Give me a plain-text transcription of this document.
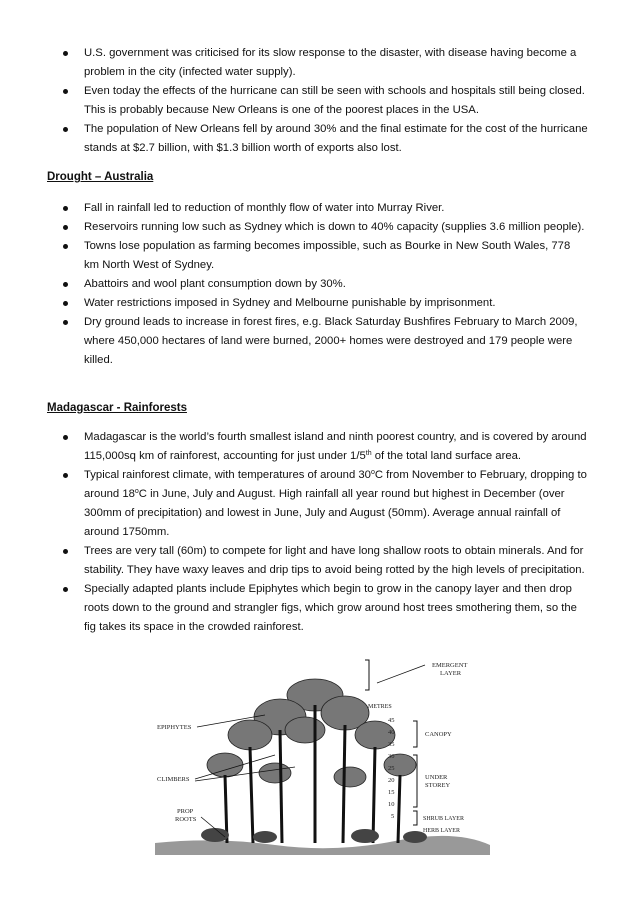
U.S. government was criticised for its slow response to the disaster, with disease having become a problem in the city (infected water supply).
Even today the effects of the hurricane can still be seen with schools and hospitals still being closed. This is probably because New Orleans is one of the poorest places in the USA.
The population of New Orleans fell by around 30% and the final estimate for the cost of the hurricane stands at $2.7 billion, with $1.3 billion worth of exports also lost.
Drought – Australia
Fall in rainfall led to reduction of monthly flow of water into Murray River.
Reservoirs running low such as Sydney which is down to 40% capacity (supplies 3.6 million people).
Towns lose population as farming becomes impossible, such as Bourke in New South Wales, 778 km North West of Sydney.
Abattoirs and wool plant consumption down by 30%.
Water restrictions imposed in Sydney and Melbourne punishable by imprisonment.
Dry ground leads to increase in forest fires, e.g. Black Saturday Bushfires February to March 2009, where 450,000 hectares of land were burned, 2000+ homes were destroyed and 179 people were killed.
Madagascar - Rainforests
Madagascar is the world’s fourth smallest island and ninth poorest country, and is covered by around 115,000sq km of rainforest, accounting for just under 1/5th of the total land surface area.
Typical rainforest climate, with temperatures of around 30$^o$C from November to February, dropping to around 18$^o$C in June, July and August. High rainfall all year round but highest in December (over 300mm of precipitation) and lowest in June, July and August (50mm). Average annual rainfall of around 1750mm.
Trees are very tall (60m) to compete for light and have long shallow roots to obtain minerals. And for stability. They have waxy leaves and drip tips to avoid being rotted by the high levels of precipitation.
Specially adapted plants include Epiphytes which begin to grow in the canopy layer and then drop roots down to the ground and strangler figs, which grow around host trees smothering them, so the fig takes its space in the crowded rainforest.
EMERGENT
LAYER
METRES
45
40
35
30
25
20
15
10
5
CANOPY
UNDER
STOREY
SHRUB LAYER
HERB LAYER
EPIPHYTES
CLIMBERS
PROP
ROOTS
